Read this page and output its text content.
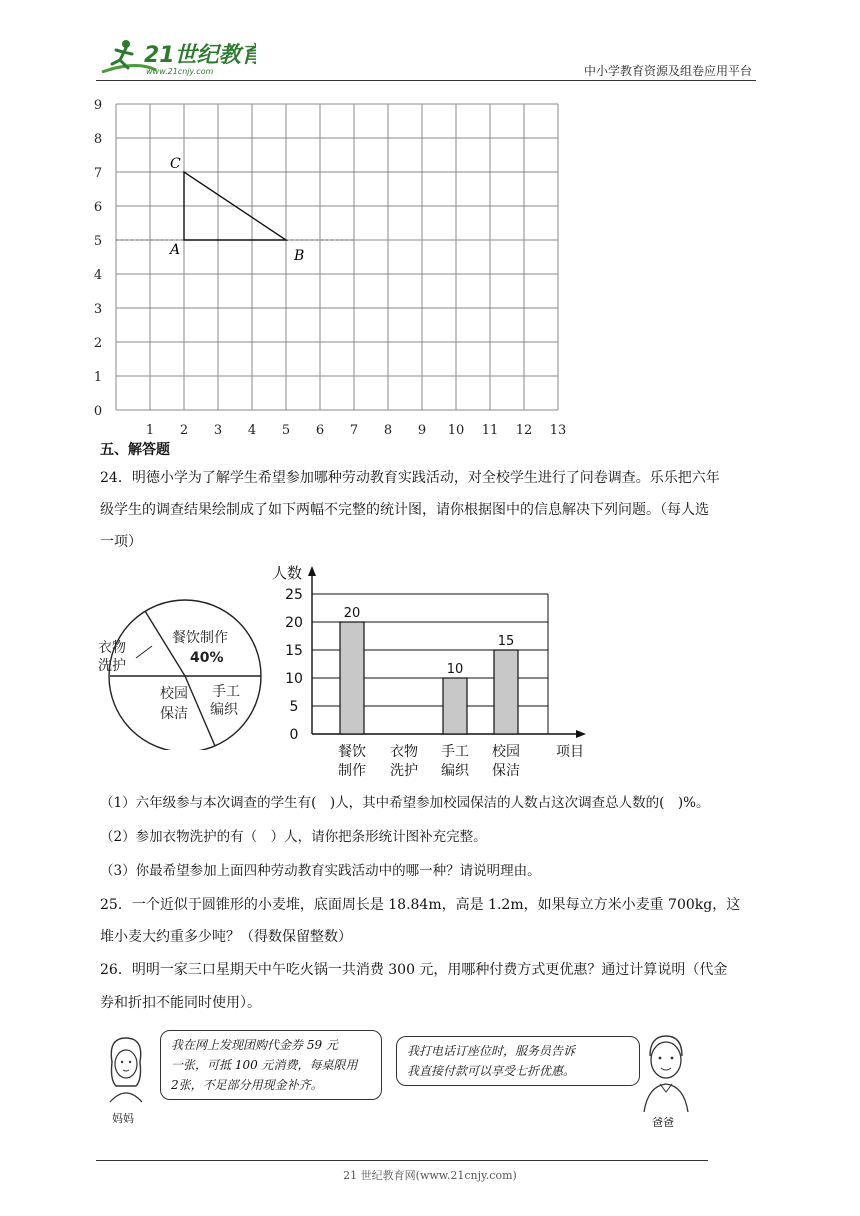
21世纪教育
www.21cnjy.com	中小学教育资源及组卷应用平台
1 2 3 4 5 6 7 8 9 10 11 12 13
0
1
2
3
4
5
6
7
8
9
A	B
C
五、解答题
24．明德小学为了解学生希望参加哪种劳动教育实践活动，对全校学生进行了问卷调查。乐乐把六年
级学生的调查结果绘制成了如下两幅不完整的统计图，请你根据图中的信息解决下列问题。（每人选
一项）
餐饮制作
40%
手工
编织
校园
保洁
衣物
洗护
0
5
10
15
20
25
人数
项目
20
餐饮
制作
衣物
洗护
10
手工
编织
15
校园
保洁
（1）六年级参与本次调查的学生有(　)人，其中希望参加校园保洁的人数占这次调查总人数的(　)%。
（2）参加衣物洗护的有（　）人，请你把条形统计图补充完整。
（3）你最希望参加上面四种劳动教育实践活动中的哪一种？请说明理由。
25．一个近似于圆锥形的小麦堆，底面周长是 18.84m，高是 1.2m，如果每立方米小麦重 700kg，这
堆小麦大约重多少吨？（得数保留整数）
26．明明一家三口星期天中午吃火锅一共消费 300 元，用哪种付费方式更优惠？通过计算说明（代金
券和折扣不能同时使用）。
妈妈
我在网上发现团购代金券 59 元
一张，可抵 100 元消费，每桌限用
2张，不足部分用现金补齐。
我打电话订座位时，服务员告诉
我直接付款可以享受七折优惠。
爸爸
21 世纪教育网(www.21cnjy.com)
